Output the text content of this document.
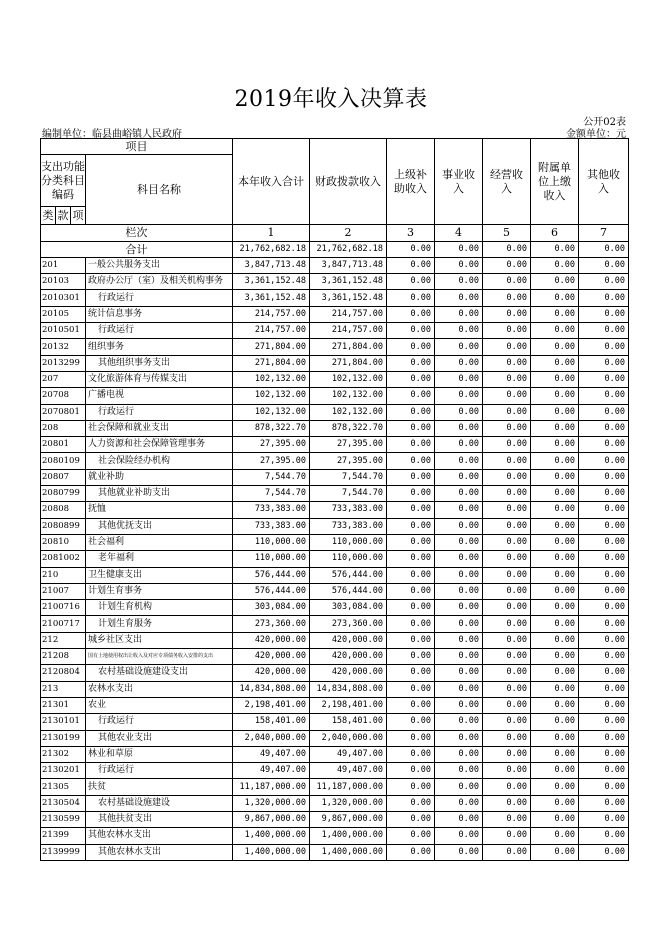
2019年收入决算表
公开02表
编制单位：临县曲峪镇人民政府	金额单位：元
项目				本年收入合计	财政拨款收入	上级补助收入	事业收入	经营收入	附属单位上缴收入	其他收入
支出功能分类科目编码			科目名称							
类	款	项								
栏次				1	2	3	4	5	6	7
合计				21,762,682.18	21,762,682.18	0.00	0.00	0.00	0.00	0.00
201			一般公共服务支出	3,847,713.48	3,847,713.48	0.00	0.00	0.00	0.00	0.00
20103			政府办公厅（室）及相关机构事务	3,361,152.48	3,361,152.48	0.00	0.00	0.00	0.00	0.00
2010301			行政运行	3,361,152.48	3,361,152.48	0.00	0.00	0.00	0.00	0.00
20105			统计信息事务	214,757.00	214,757.00	0.00	0.00	0.00	0.00	0.00
2010501			行政运行	214,757.00	214,757.00	0.00	0.00	0.00	0.00	0.00
20132			组织事务	271,804.00	271,804.00	0.00	0.00	0.00	0.00	0.00
2013299			其他组织事务支出	271,804.00	271,804.00	0.00	0.00	0.00	0.00	0.00
207			文化旅游体育与传媒支出	102,132.00	102,132.00	0.00	0.00	0.00	0.00	0.00
20708			广播电视	102,132.00	102,132.00	0.00	0.00	0.00	0.00	0.00
2070801			行政运行	102,132.00	102,132.00	0.00	0.00	0.00	0.00	0.00
208			社会保障和就业支出	878,322.70	878,322.70	0.00	0.00	0.00	0.00	0.00
20801			人力资源和社会保障管理事务	27,395.00	27,395.00	0.00	0.00	0.00	0.00	0.00
2080109			社会保险经办机构	27,395.00	27,395.00	0.00	0.00	0.00	0.00	0.00
20807			就业补助	7,544.70	7,544.70	0.00	0.00	0.00	0.00	0.00
2080799			其他就业补助支出	7,544.70	7,544.70	0.00	0.00	0.00	0.00	0.00
20808			抚恤	733,383.00	733,383.00	0.00	0.00	0.00	0.00	0.00
2080899			其他优抚支出	733,383.00	733,383.00	0.00	0.00	0.00	0.00	0.00
20810			社会福利	110,000.00	110,000.00	0.00	0.00	0.00	0.00	0.00
2081002			老年福利	110,000.00	110,000.00	0.00	0.00	0.00	0.00	0.00
210			卫生健康支出	576,444.00	576,444.00	0.00	0.00	0.00	0.00	0.00
21007			计划生育事务	576,444.00	576,444.00	0.00	0.00	0.00	0.00	0.00
2100716			计划生育机构	303,084.00	303,084.00	0.00	0.00	0.00	0.00	0.00
2100717			计划生育服务	273,360.00	273,360.00	0.00	0.00	0.00	0.00	0.00
212			城乡社区支出	420,000.00	420,000.00	0.00	0.00	0.00	0.00	0.00
21208			国有土地使用权出让收入及对应专项债务收入安排的支出	420,000.00	420,000.00	0.00	0.00	0.00	0.00	0.00
2120804			农村基础设施建设支出	420,000.00	420,000.00	0.00	0.00	0.00	0.00	0.00
213			农林水支出	14,834,808.00	14,834,808.00	0.00	0.00	0.00	0.00	0.00
21301			农业	2,198,401.00	2,198,401.00	0.00	0.00	0.00	0.00	0.00
2130101			行政运行	158,401.00	158,401.00	0.00	0.00	0.00	0.00	0.00
2130199			其他农业支出	2,040,000.00	2,040,000.00	0.00	0.00	0.00	0.00	0.00
21302			林业和草原	49,407.00	49,407.00	0.00	0.00	0.00	0.00	0.00
2130201			行政运行	49,407.00	49,407.00	0.00	0.00	0.00	0.00	0.00
21305			扶贫	11,187,000.00	11,187,000.00	0.00	0.00	0.00	0.00	0.00
2130504			农村基础设施建设	1,320,000.00	1,320,000.00	0.00	0.00	0.00	0.00	0.00
2130599			其他扶贫支出	9,867,000.00	9,867,000.00	0.00	0.00	0.00	0.00	0.00
21399			其他农林水支出	1,400,000.00	1,400,000.00	0.00	0.00	0.00	0.00	0.00
2139999			其他农林水支出	1,400,000.00	1,400,000.00	0.00	0.00	0.00	0.00	0.00
